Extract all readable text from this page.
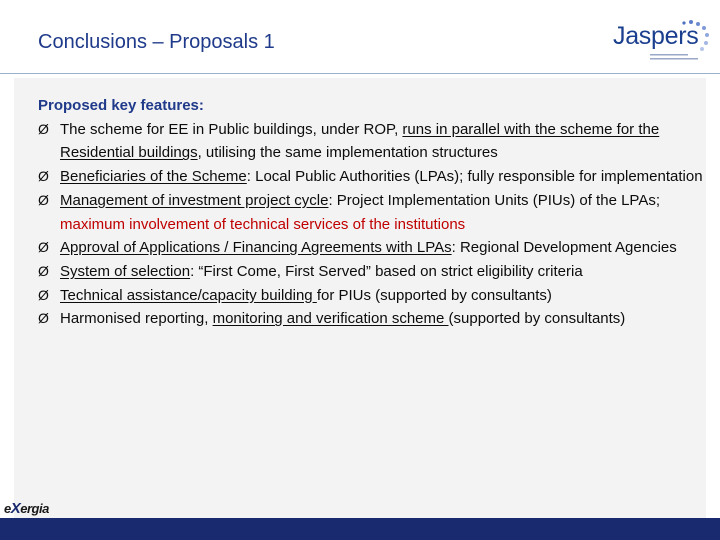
Conclusions – Proposals 1	Jaspers
Proposed key features:
Ø The scheme for EE in Public buildings, under ROP, runs in parallel with the scheme for the Residential buildings, utilising the same implementation structures
Ø Beneficiaries of the Scheme: Local Public Authorities (LPAs); fully responsible for implementation
Ø Management of investment project cycle: Project Implementation Units (PIUs) of the LPAs; maximum involvement of technical services of the institutions
Ø Approval of Applications / Financing Agreements with LPAs: Regional Development Agencies
Ø System of selection: “First Come, First Served” based on strict eligibility criteria
Ø Technical assistance/capacity building for PIUs (supported by consultants)
Ø Harmonised reporting, monitoring and verification scheme (supported by consultants)
eXergia
